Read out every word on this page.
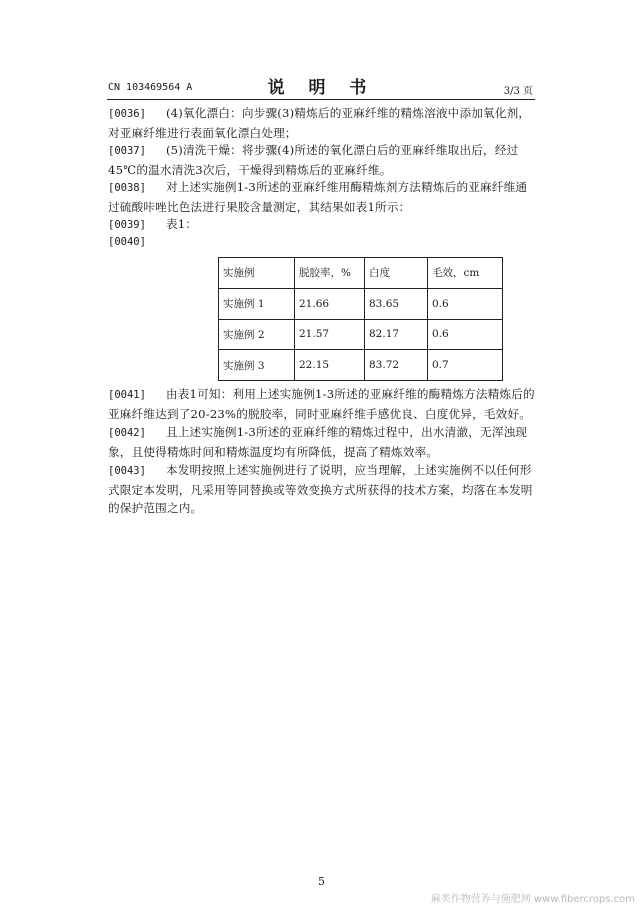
CN 103469564 A	说 明 书	3/3 页
[0036] (4)氧化漂白：向步骤(3)精炼后的亚麻纤维的精炼溶液中添加氧化剂，对亚麻纤维进行表面氧化漂白处理；
[0037] (5)清洗干燥：将步骤(4)所述的氧化漂白后的亚麻纤维取出后，经过45℃的温水清洗3次后，干燥得到精炼后的亚麻纤维。
[0038] 对上述实施例1-3所述的亚麻纤维用酶精炼剂方法精炼后的亚麻纤维通过硫酸咔唑比色法进行果胶含量测定，其结果如表1所示：
[0039] 表1：
[0040]
实施例	脱胶率，%	白度	毛效，cm
实施例 1	21.66	83.65	0.6
实施例 2	21.57	82.17	0.6
实施例 3	22.15	83.72	0.7
[0041] 由表1可知：利用上述实施例1-3所述的亚麻纤维的酶精炼方法精炼后的亚麻纤维达到了20-23%的脱胶率，同时亚麻纤维手感优良、白度优异，毛效好。
[0042] 且上述实施例1-3所述的亚麻纤维的精炼过程中，出水清澈，无浑浊现象，且使得精炼时间和精炼温度均有所降低，提高了精炼效率。
[0043] 本发明按照上述实施例进行了说明，应当理解，上述实施例不以任何形式限定本发明，凡采用等同替换或等效变换方式所获得的技术方案，均落在本发明的保护范围之内。
5
麻类作物营养与施肥网 www.fibercrops.com
